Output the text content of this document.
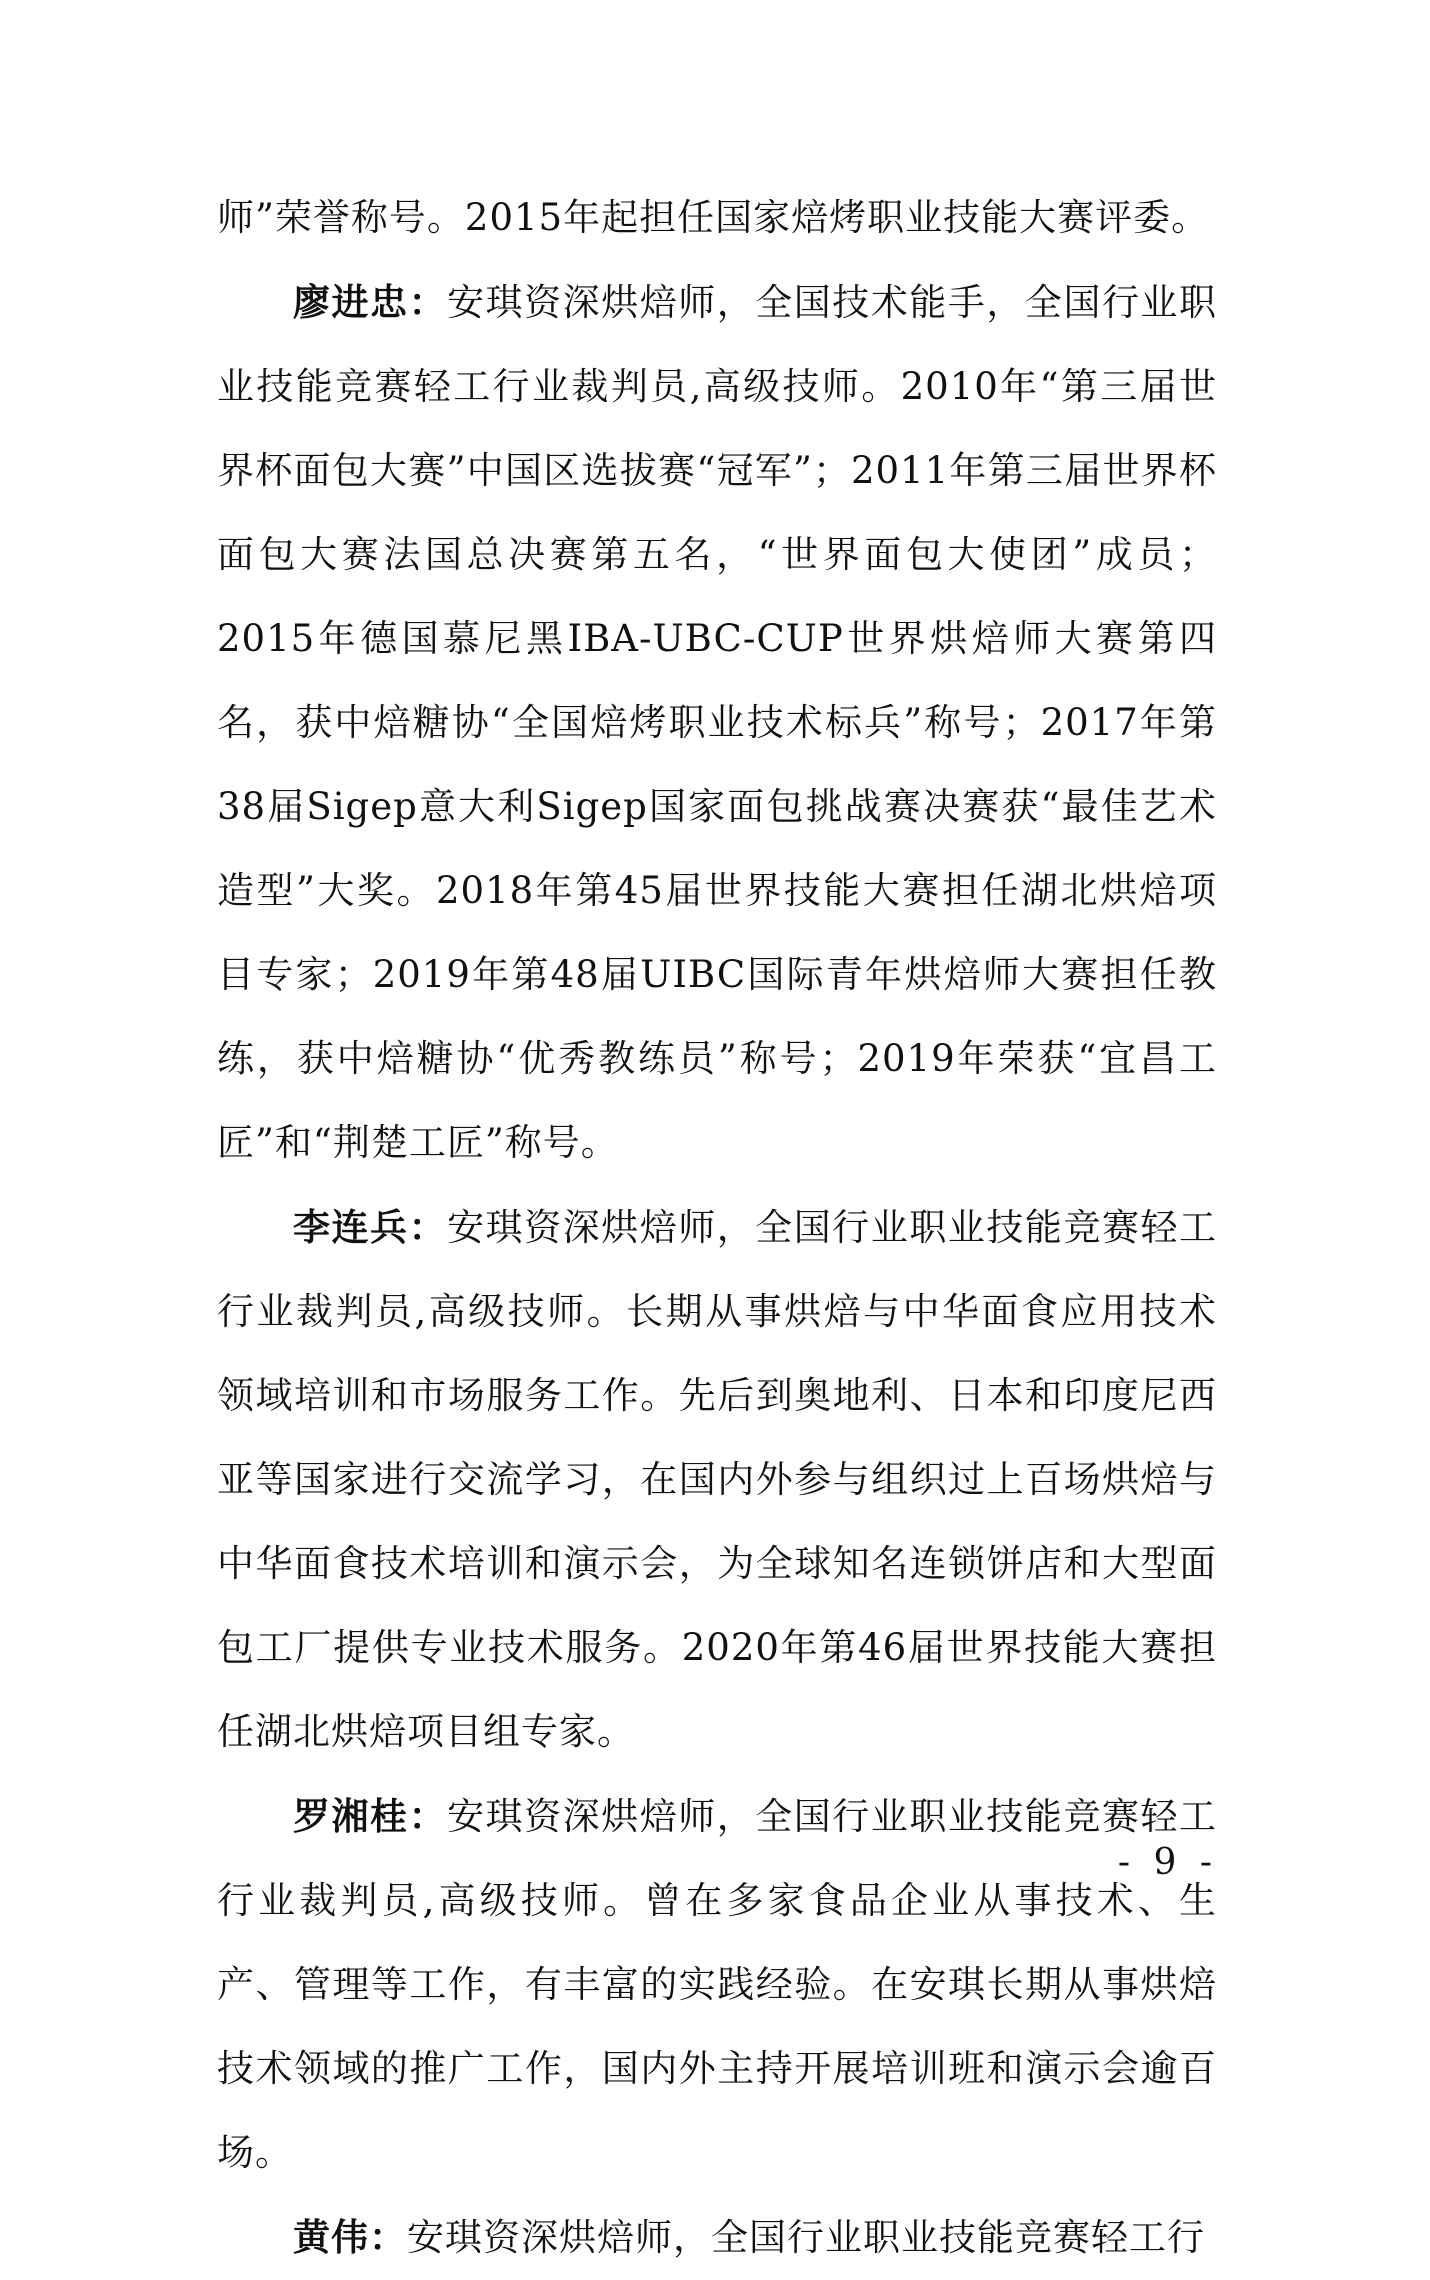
师”荣誉称号。2015年起担任国家焙烤职业技能大赛评委。

廖进忠：安琪资深烘焙师，全国技术能手，全国行业职业技能竞赛轻工行业裁判员,高级技师。2010年“第三届世界杯面包大赛”中国区选拔赛“冠军”；2011年第三届世界杯面包大赛法国总决赛第五名，“世界面包大使团”成员；2015年德国慕尼黑IBA-UBC-CUP世界烘焙师大赛第四名，获中焙糖协“全国焙烤职业技术标兵”称号；2017年第38届Sigep意大利Sigep国家面包挑战赛决赛获“最佳艺术造型”大奖。2018年第45届世界技能大赛担任湖北烘焙项目专家；2019年第48届UIBC国际青年烘焙师大赛担任教练，获中焙糖协“优秀教练员”称号；2019年荣获“宜昌工匠”和“荆楚工匠”称号。

李连兵：安琪资深烘焙师，全国行业职业技能竞赛轻工行业裁判员,高级技师。长期从事烘焙与中华面食应用技术领域培训和市场服务工作。先后到奥地利、日本和印度尼西亚等国家进行交流学习，在国内外参与组织过上百场烘焙与中华面食技术培训和演示会，为全球知名连锁饼店和大型面包工厂提供专业技术服务。2020年第46届世界技能大赛担任湖北烘焙项目组专家。

罗湘桂：安琪资深烘焙师，全国行业职业技能竞赛轻工行业裁判员,高级技师。曾在多家食品企业从事技术、生产、管理等工作，有丰富的实践经验。在安琪长期从事烘焙技术领域的推广工作，国内外主持开展培训班和演示会逾百场。

黄伟：安琪资深烘焙师，全国行业职业技能竞赛轻工行

- 9 -
